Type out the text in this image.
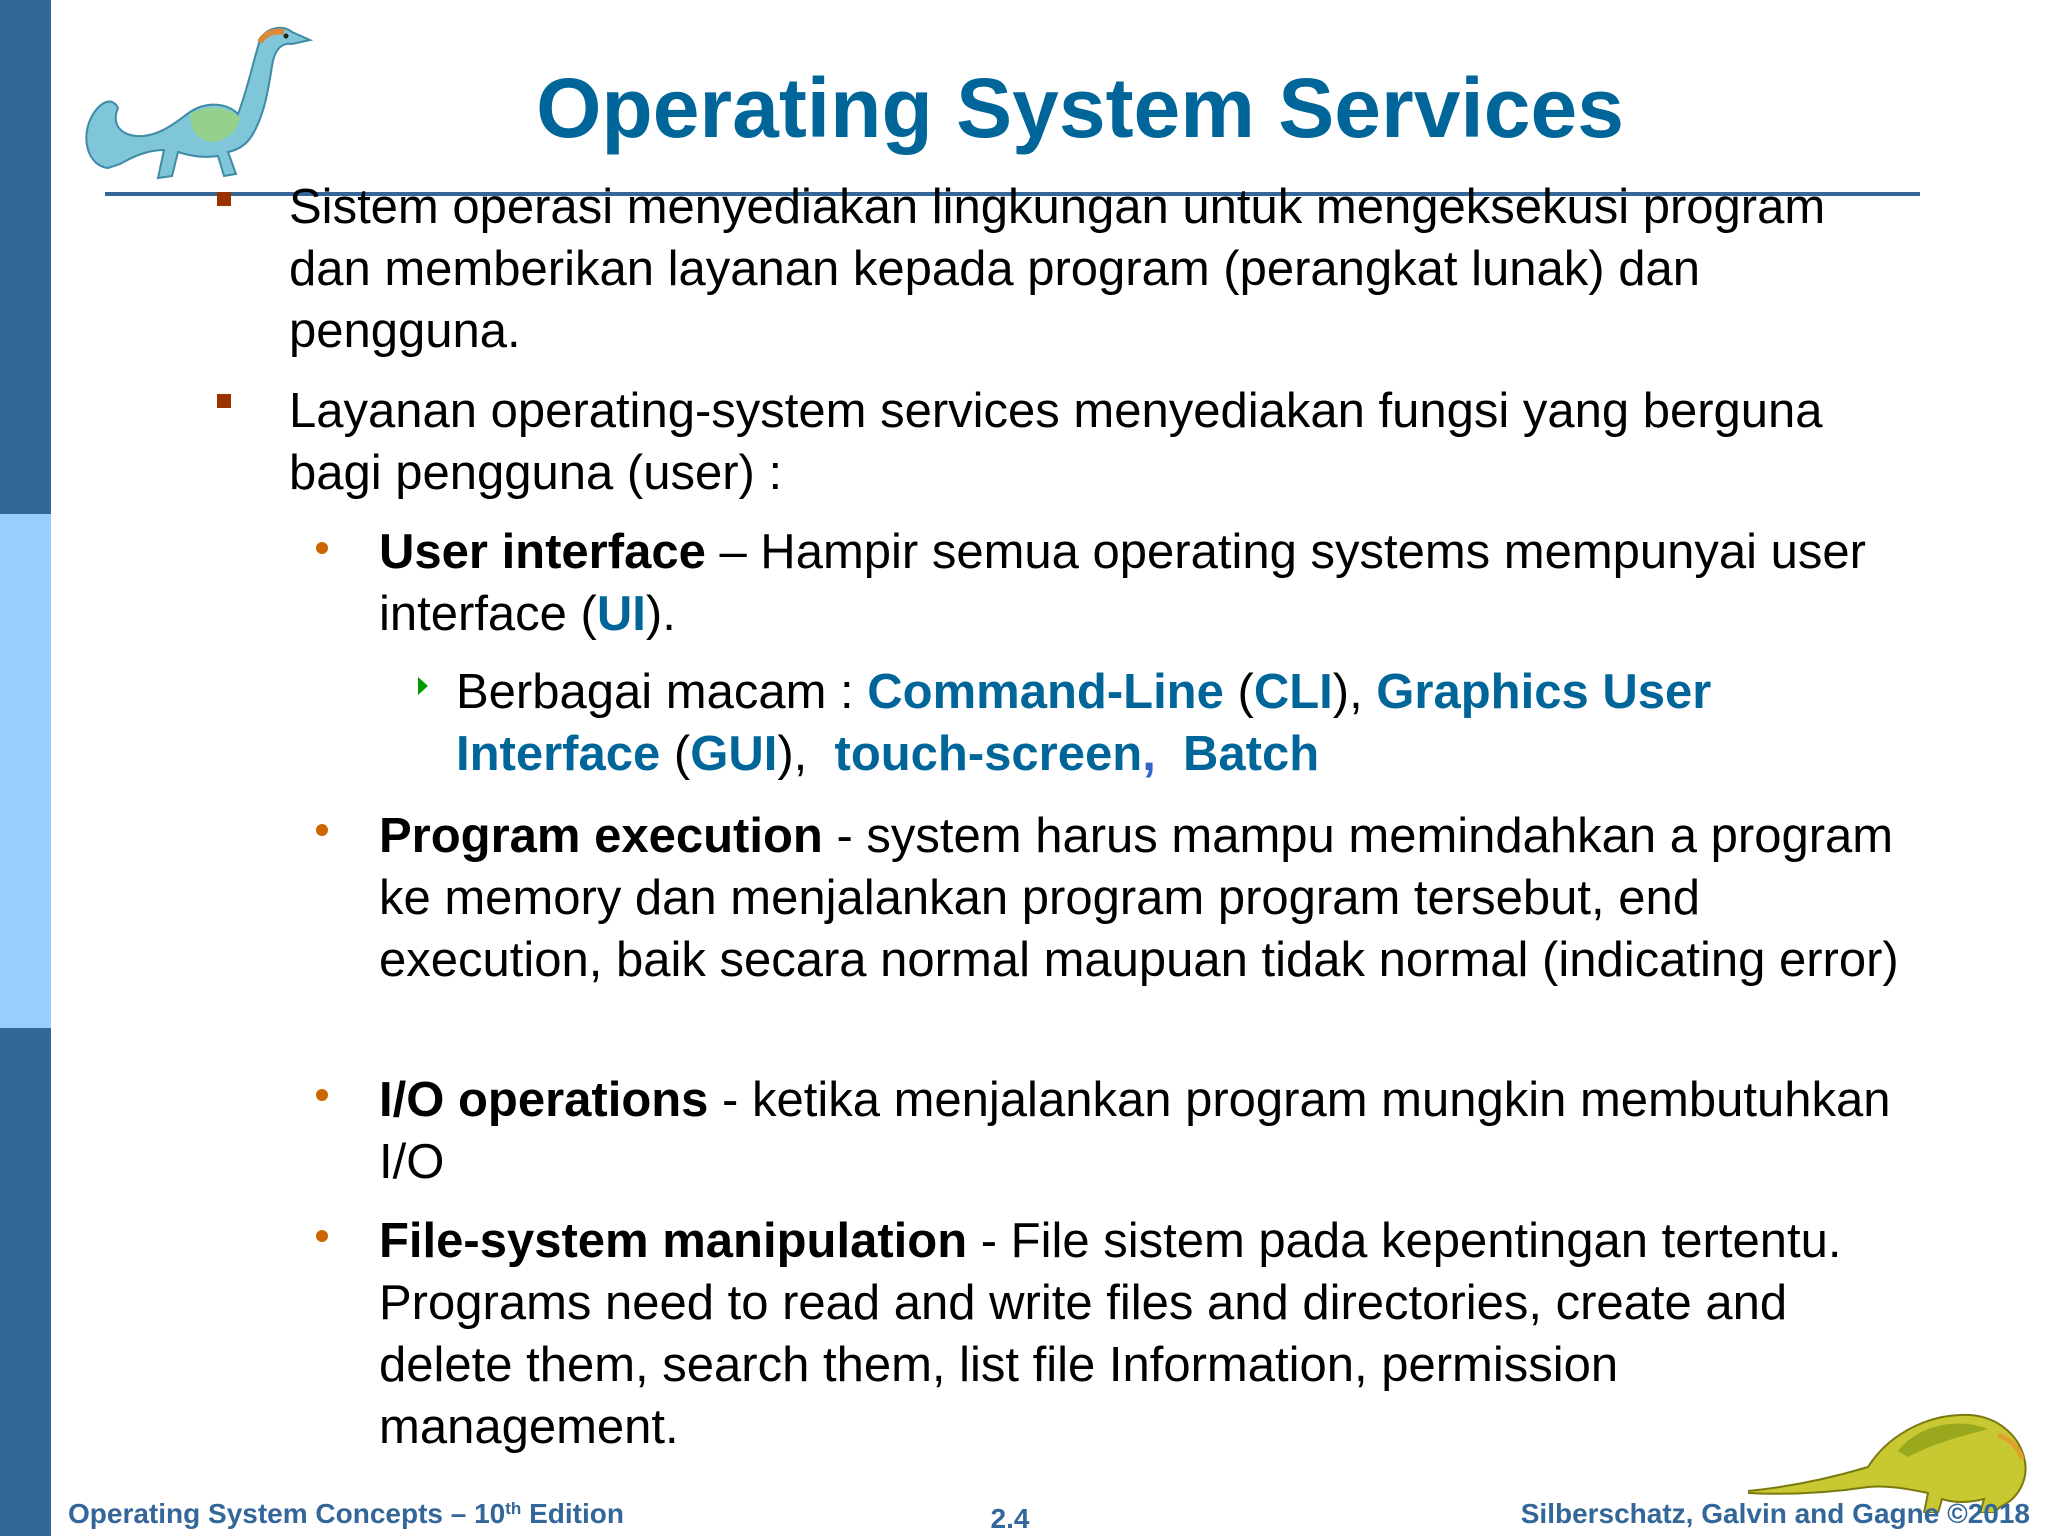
Operating System Services
Sistem operasi menyediakan lingkungan untuk mengeksekusi program dan memberikan layanan kepada program (perangkat lunak) dan pengguna.
Layanan operating-system services menyediakan fungsi yang berguna bagi pengguna (user) :
User interface – Hampir semua operating systems mempunyai user interface (UI).
Berbagai macam : Command-Line (CLI), Graphics User Interface (GUI),  touch-screen, Batch
Program execution - system harus mampu memindahkan a program ke memory dan menjalankan program program tersebut, end execution, baik secara normal maupuan tidak normal (indicating error)
I/O operations - ketika menjalankan program mungkin membutuhkan I/O
File-system manipulation - File sistem pada kepentingan tertentu. Programs need to read and write files and directories, create and delete them, search them, list file Information, permission management.
Operating System Concepts – 10th Edition	2.4	Silberschatz, Galvin and Gagne ©2018
